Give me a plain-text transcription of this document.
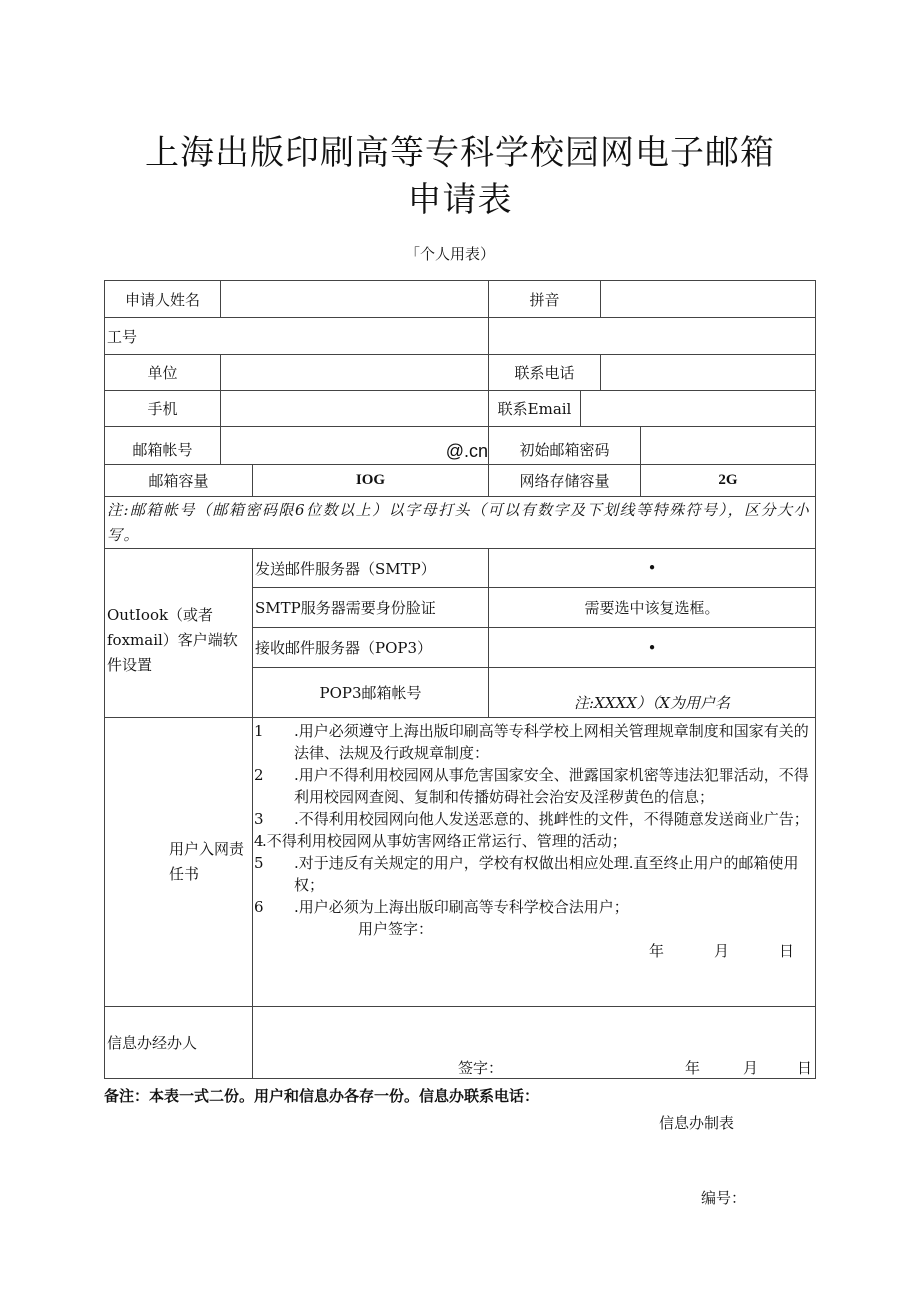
上海出版印刷高等专科学校园网电子邮箱
申请表
「个人用表）
申请人姓名	拼音
工号
单位	联系电话
手机	联系Email
邮箱帐号	@.cn	初始邮箱密码
邮箱容量	IOG	网络存储容量	2G
注:邮箱帐号（邮箱密码限6位数以上）以字母打头（可以有数字及下划线等特殊符号），区分大小写。
OutIook（或者foxmail）客户端软件设置
发送邮件服务器（SMTP）	•
SMTP服务器需要身份脸证	需要选中该复选框。
接收邮件服务器（POP3）	•
POP3邮箱帐号
注:XXXX）（X为用户名
用户入网责任书
1	.用户必须遵守上海出版印刷高等专科学校上网相关管理规章制度和国家有关的法律、法规及行政规章制度：
2	.用户不得利用校园网从事危害国家安全、泄露国家机密等违法犯罪活动，不得利用校园网查阅、复制和传播妨碍社会治安及淫秽黄色的信息；
3	.不得利用校园网向他人发送恶意的、挑衅性的文件，不得随意发送商业广告；
4
.不得利用校园网从事妨害网络正常运行、管理的活动；
5	.对于违反有关规定的用户，学校有权做出相应处理.直至终止用户的邮箱使用权；
6	.用户必须为上海出版印刷高等专科学校合法用户；
用户签字：
年	月	日
信息办经办人
签字：	年	月	日
备注：本表一式二份。用户和信息办各存一份。信息办联系电话：
信息办制表
编号：
